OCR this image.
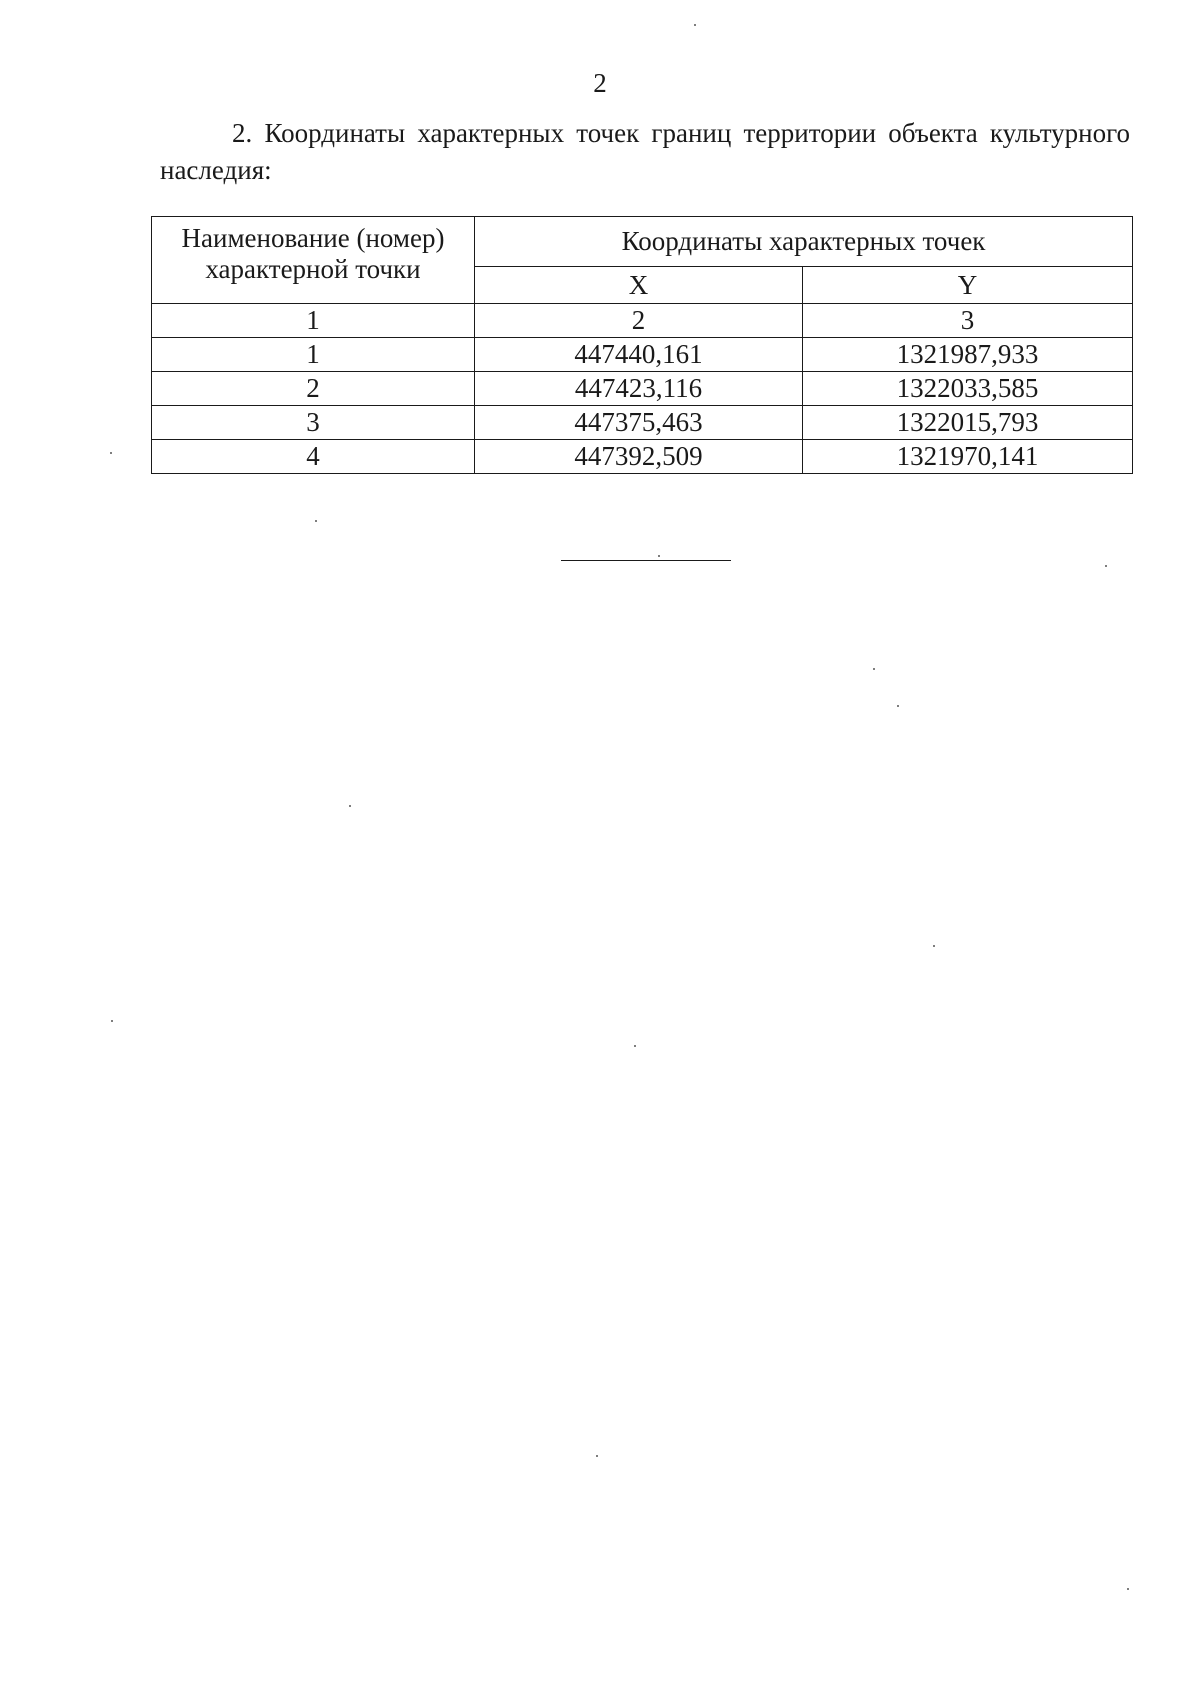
2
2. Координаты характерных точек границ территории объекта культурного наследия:
Наименование (номер) характерной точки	Координаты характерных точек	
	X	Y
1	2	3
1	447440,161	1321987,933
2	447423,116	1322033,585
3	447375,463	1322015,793
4	447392,509	1321970,141
